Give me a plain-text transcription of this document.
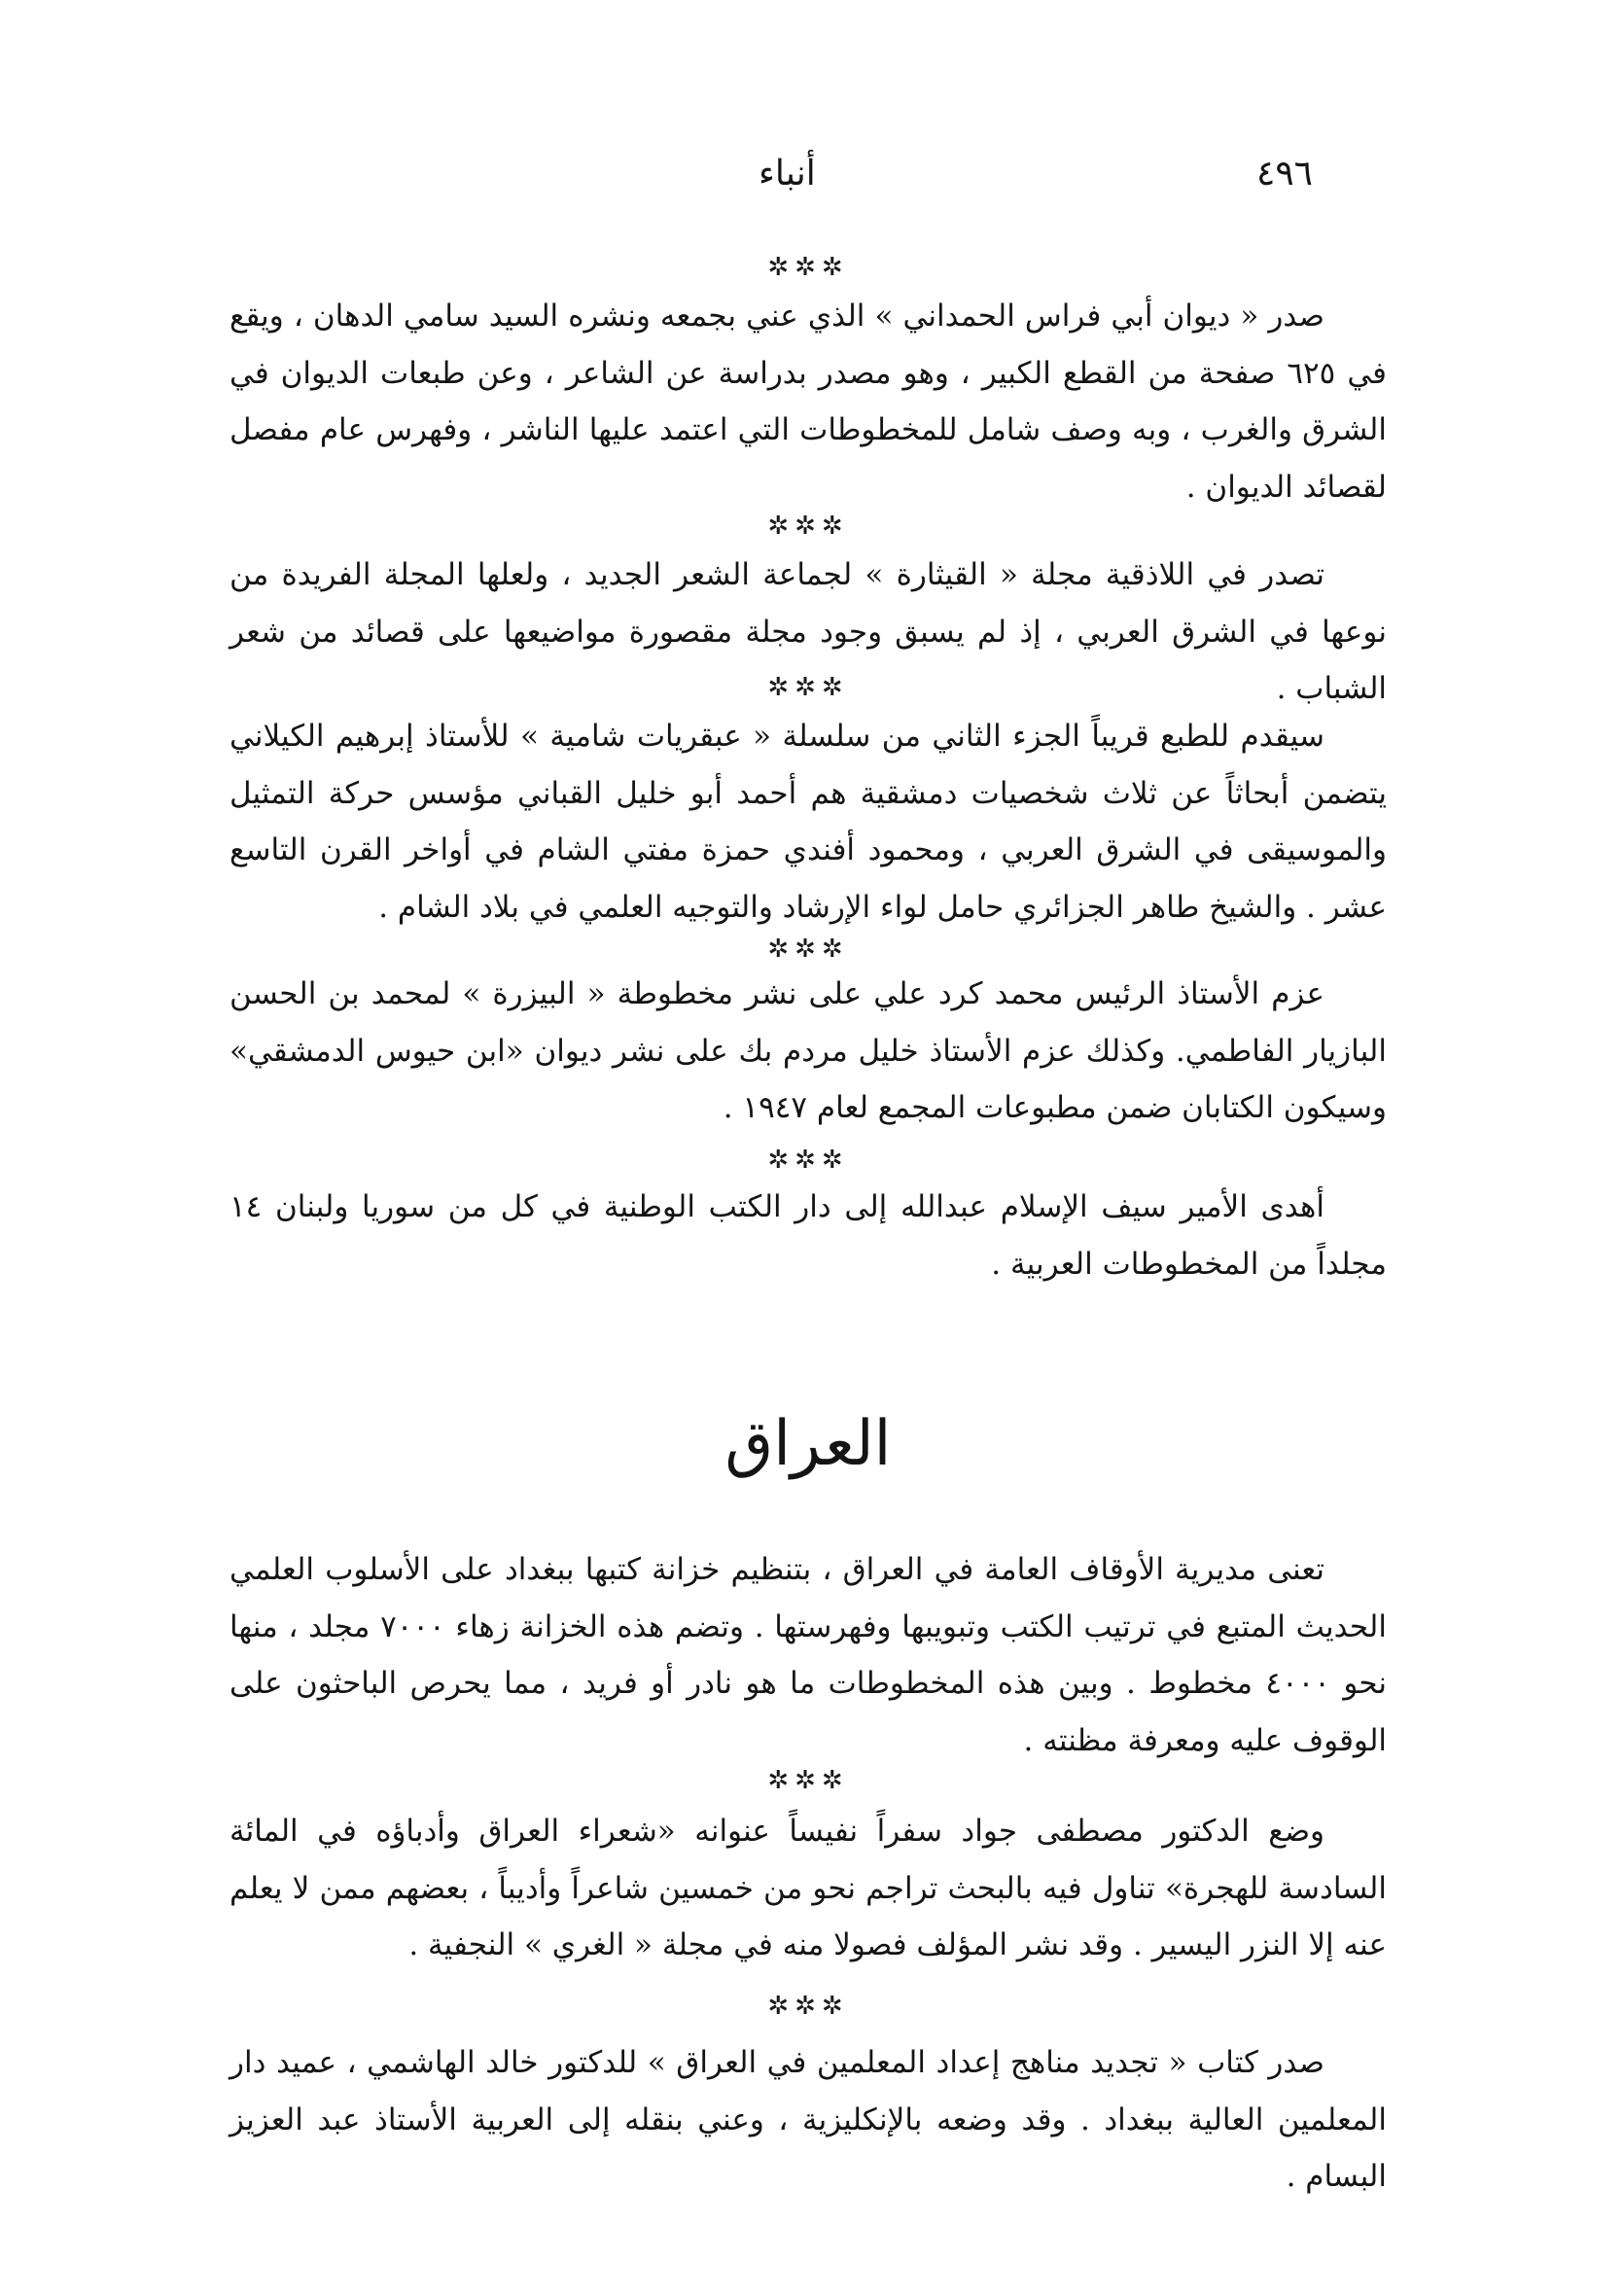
٤٩٦
أنباء
✲✲✲

صدر « ديوان أبي فراس الحمداني » الذي عني بجمعه ونشره السيد سامي الدهان ، ويقع في ٦٢٥ صفحة من القطع الكبير ، وهو مصدر بدراسة عن الشاعر ، وعن طبعات الديوان في الشرق والغرب ، وبه وصف شامل للمخطوطات التي اعتمد عليها الناشر ، وفهرس عام مفصل لقصائد الديوان .

✲✲✲

تصدر في اللاذقية مجلة « القيثارة » لجماعة الشعر الجديد ، ولعلها المجلة الفريدة من نوعها في الشرق العربي ، إذ لم يسبق وجود مجلة مقصورة مواضيعها على قصائد من شعر الشباب .

✲✲✲

سيقدم للطبع قريباً الجزء الثاني من سلسلة « عبقريات شامية » للأستاذ إبرهيم الكيلاني يتضمن أبحاثاً عن ثلاث شخصيات دمشقية هم أحمد أبو خليل القباني مؤسس حركة التمثيل والموسيقى في الشرق العربي ، ومحمود أفندي حمزة مفتي الشام في أواخر القرن التاسع عشر . والشيخ طاهر الجزائري حامل لواء الإرشاد والتوجيه العلمي في بلاد الشام .

✲✲✲

عزم الأستاذ الرئيس محمد كرد علي على نشر مخطوطة « البيزرة » لمحمد بن الحسن البازيار الفاطمي. وكذلك عزم الأستاذ خليل مردم بك على نشر ديوان «ابن حيوس الدمشقي» وسيكون الكتابان ضمن مطبوعات المجمع لعام ١٩٤٧ .

✲✲✲

أهدى الأمير سيف الإسلام عبدالله إلى دار الكتب الوطنية في كل من سوريا ولبنان ١٤ مجلداً من المخطوطات العربية .

العراق

تعنى مديرية الأوقاف العامة في العراق ، بتنظيم خزانة كتبها ببغداد على الأسلوب العلمي الحديث المتبع في ترتيب الكتب وتبويبها وفهرستها . وتضم هذه الخزانة زهاء ٧٠٠٠ مجلد ، منها نحو ٤٠٠٠ مخطوط . وبين هذه المخطوطات ما هو نادر أو فريد ، مما يحرص الباحثون على الوقوف عليه ومعرفة مظنته .

✲✲✲

وضع الدكتور مصطفى جواد سفراً نفيساً عنوانه «شعراء العراق وأدباؤه في المائة السادسة للهجرة» تناول فيه بالبحث تراجم نحو من خمسين شاعراً وأديباً ، بعضهم ممن لا يعلم عنه إلا النزر اليسير . وقد نشر المؤلف فصولا منه في مجلة « الغري » النجفية .

✲✲✲

صدر كتاب « تجديد مناهج إعداد المعلمين في العراق » للدكتور خالد الهاشمي ، عميد دار المعلمين العالية ببغداد . وقد وضعه بالإنكليزية ، وعني بنقله إلى العربية الأستاذ عبد العزيز البسام .
